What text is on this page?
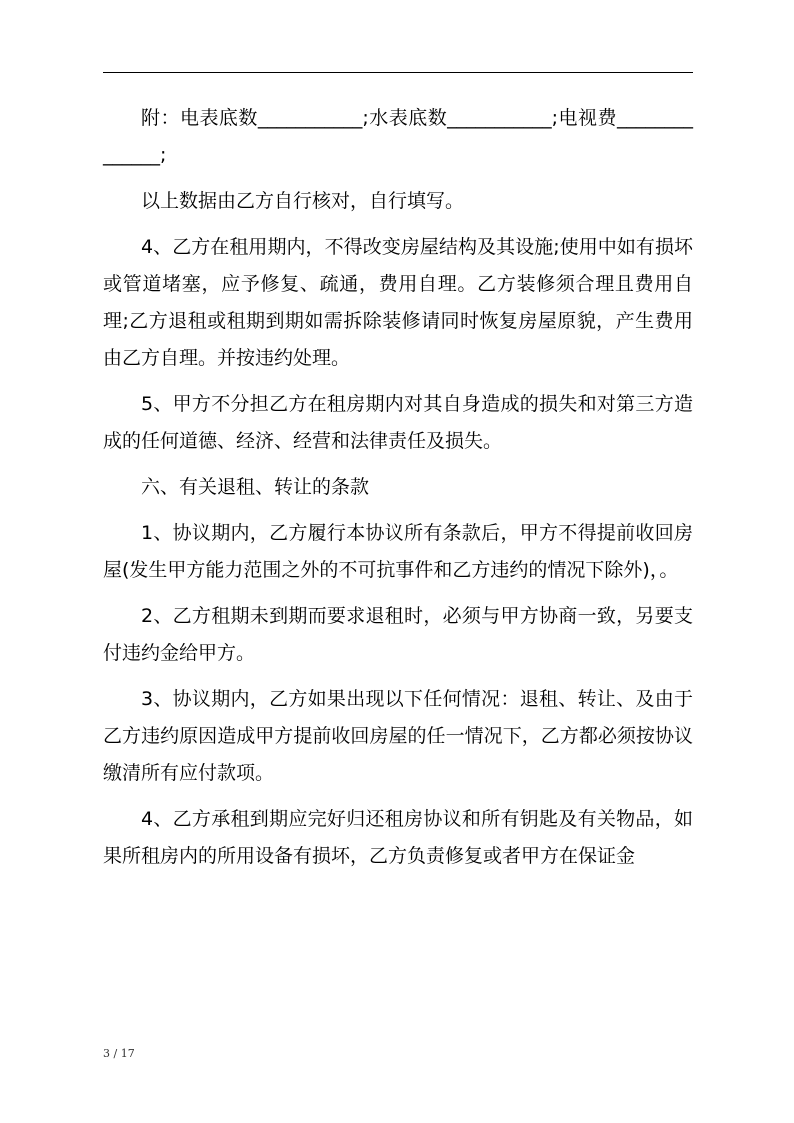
附：电表底数___________;水表底数___________;电视费______________;

以上数据由乙方自行核对，自行填写。

4、乙方在租用期内，不得改变房屋结构及其设施;使用中如有损坏或管道堵塞，应予修复、疏通，费用自理。乙方装修须合理且费用自理;乙方退租或租期到期如需拆除装修请同时恢复房屋原貌，产生费用由乙方自理。并按违约处理。

5、甲方不分担乙方在租房期内对其自身造成的损失和对第三方造成的任何道德、经济、经营和法律责任及损失。

六、有关退租、转让的条款

1、协议期内，乙方履行本协议所有条款后，甲方不得提前收回房屋(发生甲方能力范围之外的不可抗事件和乙方违约的情况下除外)，。

2、乙方租期未到期而要求退租时，必须与甲方协商一致，另要支付违约金给甲方。

3、协议期内，乙方如果出现以下任何情况：退租、转让、及由于乙方违约原因造成甲方提前收回房屋的任一情况下，乙方都必须按协议缴清所有应付款项。

4、乙方承租到期应完好归还租房协议和所有钥匙及有关物品，如果所租房内的所用设备有损坏，乙方负责修复或者甲方在保证金

3 / 17
